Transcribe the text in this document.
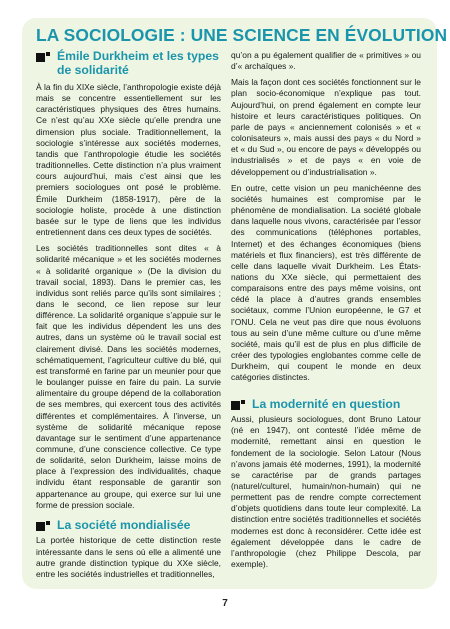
LA SOCIOLOGIE : UNE SCIENCE EN ÉVOLUTION
Émile Durkheim et les types de solidarité

À la fin du XIXe siècle, l’anthropologie existe déjà mais se concentre essentiellement sur les caractéristiques physiques des êtres humains. Ce n’est qu’au XXe siècle qu’elle prendra une dimension plus sociale. Traditionnellement, la sociologie s’intéresse aux sociétés modernes, tandis que l’anthropologie étudie les sociétés traditionnelles. Cette distinction n’a plus vraiment cours aujourd’hui, mais c’est ainsi que les premiers sociologues ont posé le problème. Émile Durkheim (1858-1917), père de la sociologie holiste, procède à une distinction basée sur le type de liens que les individus entretiennent dans ces deux types de sociétés.

Les sociétés traditionnelles sont dites « à solidarité mécanique » et les sociétés modernes « à solidarité organique » (De la division du travail social, 1893). Dans le premier cas, les individus sont reliés parce qu’ils sont similaires ; dans le second, ce lien repose sur leur différence. La solidarité organique s’appuie sur le fait que les individus dépendent les uns des autres, dans un système où le travail social est clairement divisé. Dans les sociétés modernes, schématiquement, l’agriculteur cultive du blé, qui est transformé en farine par un meunier pour que le boulanger puisse en faire du pain. La survie alimentaire du groupe dépend de la collaboration de ses membres, qui exercent tous des activités différentes et complémentaires. À l’inverse, un système de solidarité mécanique repose davantage sur le sentiment d’une appartenance commune, d’une conscience collective. Ce type de solidarité, selon Durkheim, laisse moins de place à l’expression des individualités, chaque individu étant responsable de garantir son appartenance au groupe, qui exerce sur lui une forme de pression sociale.

La société mondialisée

La portée historique de cette distinction reste intéressante dans le sens où elle a alimenté une autre grande distinction typique du XXe siècle, entre les sociétés industrielles et traditionnelles,

qu’on a pu également qualifier de « primitives » ou d’« archaïques ».

Mais la façon dont ces sociétés fonctionnent sur le plan socio-économique n’explique pas tout. Aujourd’hui, on prend également en compte leur histoire et leurs caractéristiques politiques. On parle de pays « anciennement colonisés » et « colonisateurs », mais aussi des pays « du Nord » et « du Sud », ou encore de pays « développés ou industrialisés » et de pays « en voie de développement ou d’industrialisation ».

En outre, cette vision un peu manichéenne des sociétés humaines est compromise par le phénomène de mondialisation. La société globale dans laquelle nous vivons, caractérisée par l’essor des communications (téléphones portables, Internet) et des échanges économiques (biens matériels et flux financiers), est très différente de celle dans laquelle vivait Durkheim. Les États-nations du XXe siècle, qui permettaient des comparaisons entre des pays même voisins, ont cédé la place à d’autres grands ensembles sociétaux, comme l’Union européenne, le G7 et l’ONU. Cela ne veut pas dire que nous évoluons tous au sein d’une même culture ou d’une même société, mais qu’il est de plus en plus difficile de créer des typologies englobantes comme celle de Durkheim, qui coupent le monde en deux catégories distinctes.

La modernité en question

Aussi, plusieurs sociologues, dont Bruno Latour (né en 1947), ont contesté l’idée même de modernité, remettant ainsi en question le fondement de la sociologie. Selon Latour (Nous n’avons jamais été modernes, 1991), la modernité se caractérise par de grands partages (naturel/culturel, humain/non-humain) qui ne permettent pas de rendre compte correctement d’objets quotidiens dans toute leur complexité. La distinction entre sociétés traditionnelles et sociétés modernes est donc à reconsidérer. Cette idée est également développée dans le cadre de l’anthropologie (chez Philippe Descola, par exemple).

7
